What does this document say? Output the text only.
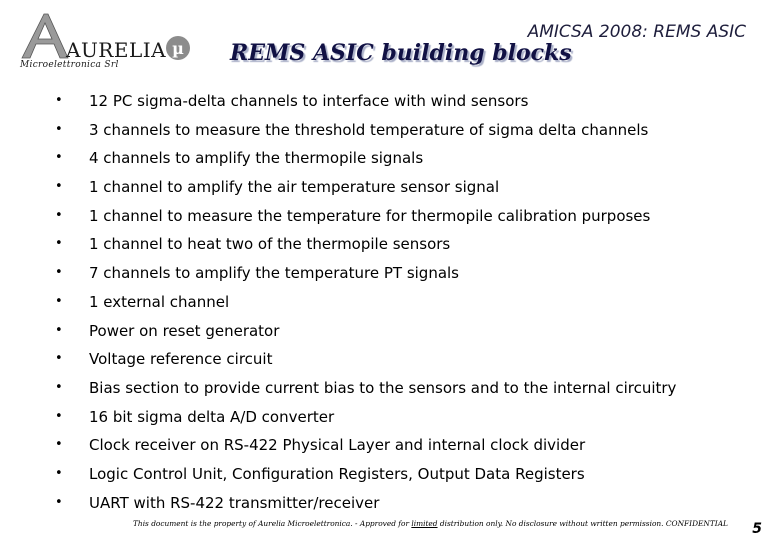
AURELIA µ
Microelettronica Srl
AMICSA 2008: REMS ASIC
REMS ASIC building blocks
• 12 PC sigma-delta channels to interface with wind sensors
• 3 channels to measure the threshold temperature of sigma delta channels
• 4 channels to amplify the thermopile signals
• 1 channel to amplify the air temperature sensor signal
• 1 channel to measure the temperature for thermopile calibration purposes
• 1 channel to heat two of the thermopile sensors
• 7 channels to amplify the temperature PT signals
• 1 external channel
• Power on reset generator
• Voltage reference circuit
• Bias section to provide current bias to the sensors and to the internal circuitry
• 16 bit sigma delta A/D converter
• Clock receiver on RS-422 Physical Layer and internal clock divider
• Logic Control Unit, Configuration Registers, Output Data Registers
• UART with RS-422 transmitter/receiver
This document is the property of Aurelia Microelettronica. - Approved for limited distribution only. No disclosure without written permission. CONFIDENTIAL 5
